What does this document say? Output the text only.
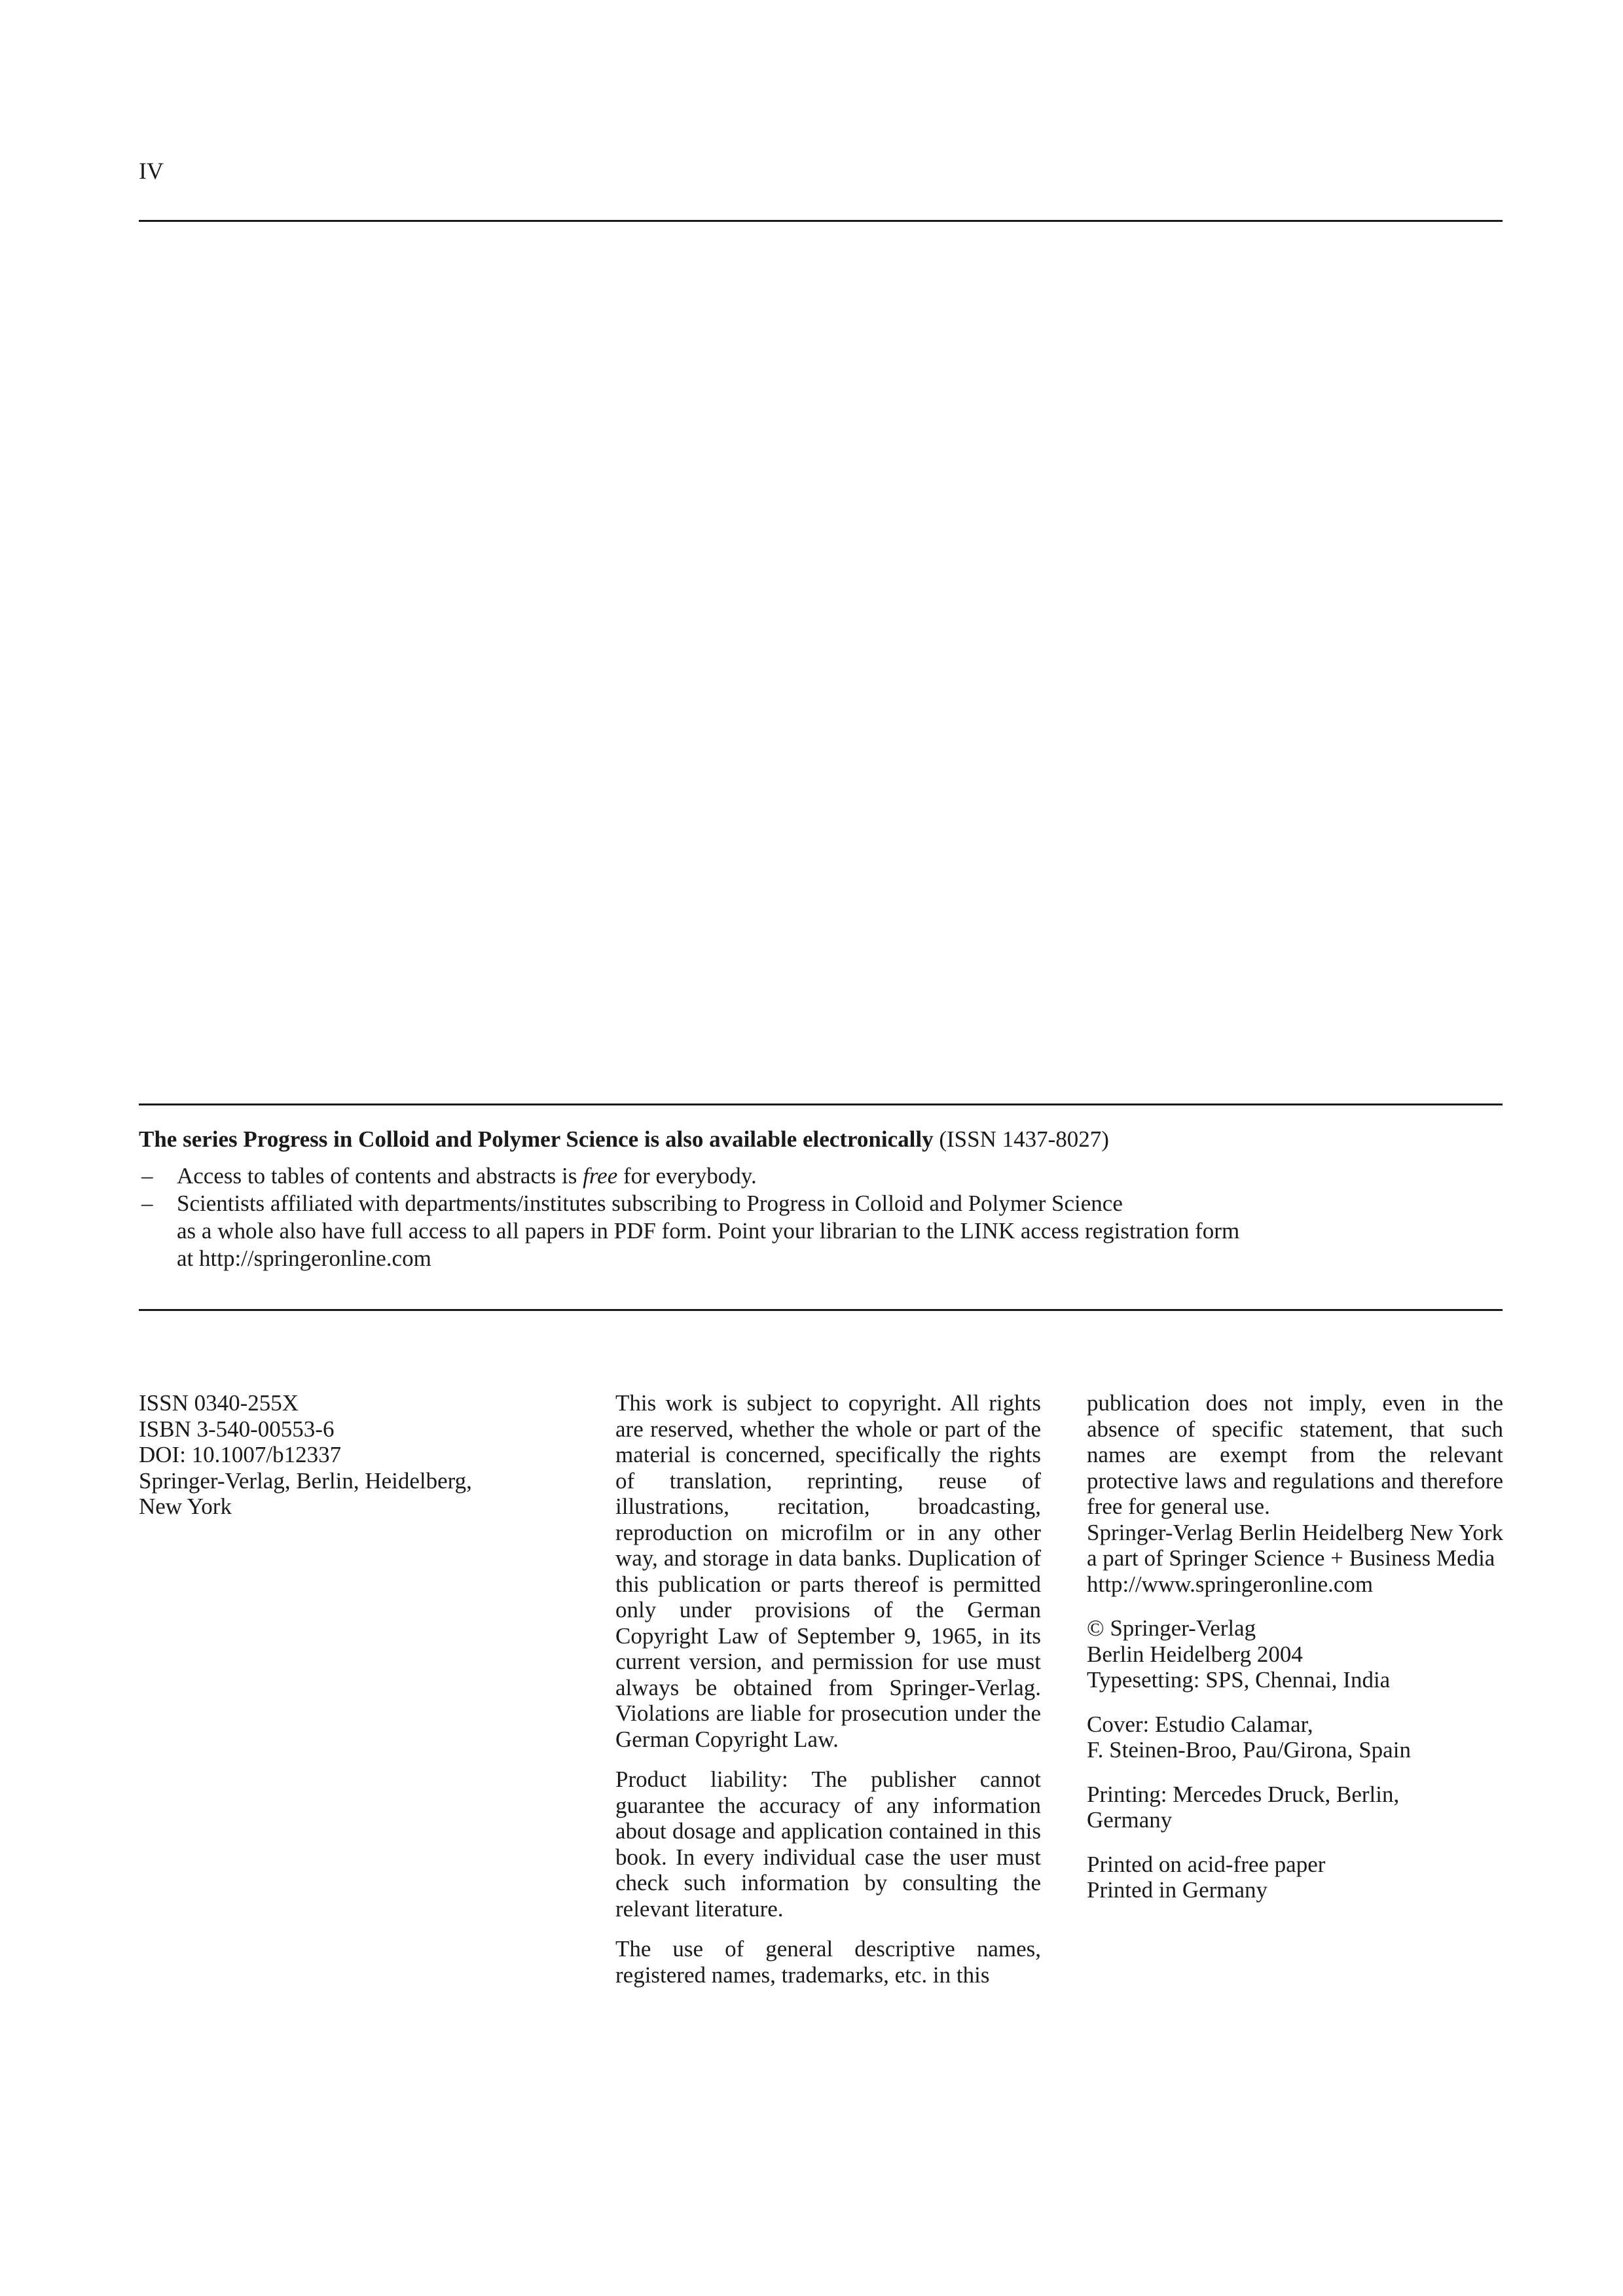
IV
The series Progress in Colloid and Polymer Science is also available electronically (ISSN 1437-8027)
– Access to tables of contents and abstracts is free for everybody.
– Scientists affiliated with departments/institutes subscribing to Progress in Colloid and Polymer Science
as a whole also have full access to all papers in PDF form. Point your librarian to the LINK access registration form
at http://springeronline.com
ISSN 0340-255X
ISBN 3-540-00553-6
DOI: 10.1007/b12337
Springer-Verlag, Berlin, Heidelberg,
New York

This work is subject to copyright. All rights are reserved, whether the whole or part of the material is concerned, specifically the rights of translation, reprinting, reuse of illustrations, recitation, broadcasting, reproduction on microfilm or in any other way, and storage in data banks. Duplication of this publication or parts thereof is permitted only under provisions of the German Copyright Law of September 9, 1965, in its current version, and permission for use must always be obtained from Springer-Verlag. Violations are liable for prosecution under the German Copyright Law.

Product liability: The publisher cannot guarantee the accuracy of any information about dosage and application contained in this book. In every individual case the user must check such information by consulting the relevant literature.

The use of general descriptive names, registered names, trademarks, etc. in this

publication does not imply, even in the absence of specific statement, that such names are exempt from the relevant protective laws and regulations and therefore free for general use.

Springer-Verlag Berlin Heidelberg New York a part of Springer Science + Business Media

http://www.springeronline.com

© Springer-Verlag
Berlin Heidelberg 2004

Typesetting: SPS, Chennai, India

Cover: Estudio Calamar,
F. Steinen-Broo, Pau/Girona, Spain
Printing: Mercedes Druck, Berlin,
Germany
Printed on acid-free paper
Printed in Germany
